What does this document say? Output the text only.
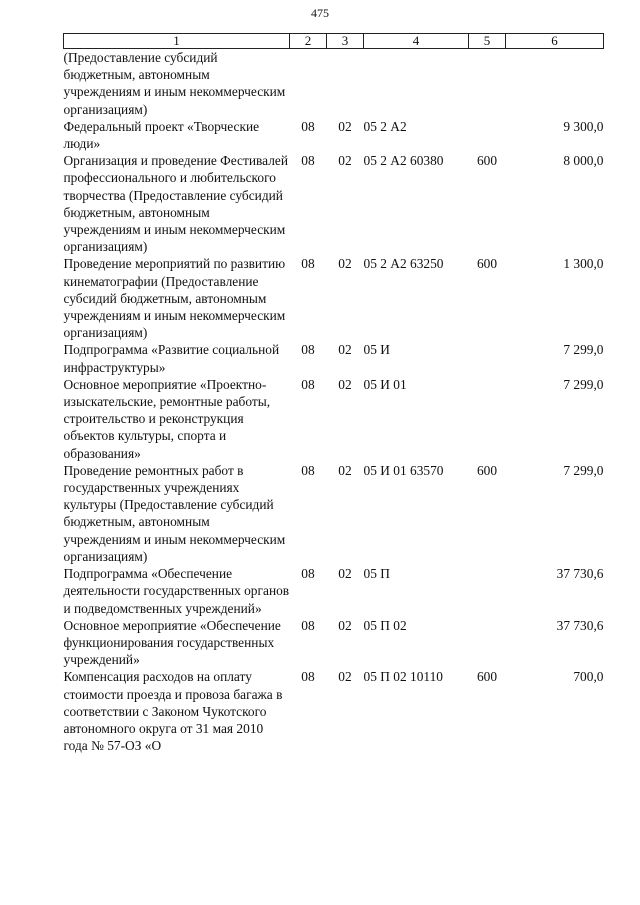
475
1	2	3	4	5	6
(Предоставление субсидий бюджетным, автономным учреждениям и иным некоммерческим организациям)					
Федеральный проект «Творческие люди»	08	02	05 2 А2		9 300,0
Организация и проведение Фестивалей профессионального и любительского творчества (Предоставление субсидий бюджетным, автономным учреждениям и иным некоммерческим организациям)	08	02	05 2 А2 60380	600	8 000,0
Проведение мероприятий по развитию кинематографии (Предоставление субсидий бюджетным, автономным учреждениям и иным некоммерческим организациям)	08	02	05 2 А2 63250	600	1 300,0
Подпрограмма «Развитие социальной инфраструктуры»	08	02	05 И		7 299,0
Основное мероприятие «Проектно-изыскательские, ремонтные работы, строительство и реконструкция объектов культуры, спорта и образования»	08	02	05 И 01		7 299,0
Проведение ремонтных работ в государственных учреждениях культуры (Предоставление субсидий бюджетным, автономным учреждениям и иным некоммерческим организациям)	08	02	05 И 01 63570	600	7 299,0
Подпрограмма «Обеспечение деятельности государственных органов и подведомственных учреждений»	08	02	05 П		37 730,6
Основное мероприятие «Обеспечение функционирования государственных учреждений»	08	02	05 П 02		37 730,6
Компенсация расходов на оплату стоимости проезда и провоза багажа в соответствии с Законом Чукотского автономного округа от 31 мая 2010 года № 57-ОЗ «О	08	02	05 П 02 10110	600	700,0
